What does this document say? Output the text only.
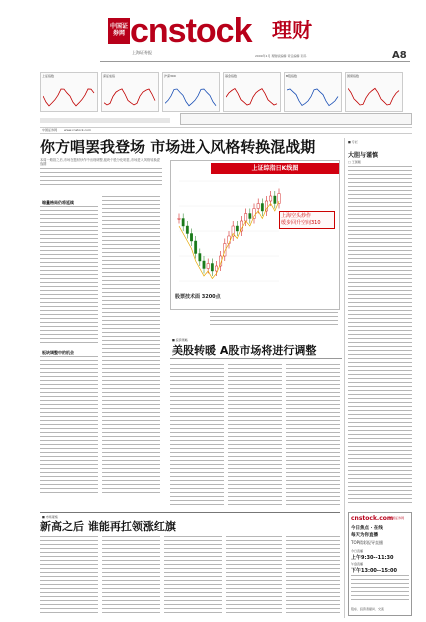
中国证券网 cnstock 理财
上海证券报
2009年1月 理财版编辑 责任编辑 页码	A8
上证指数	深证成指	沪深300	基金指数	B股指数	国债指数
中国证券网 www.cnstock.com
你方唱罢我登场 市场进入风格转换混战期
本周一路指之后,市场在题材炒作中出现调整,板块个股分化明显,市场进入风格转换混战期
缩量格局仍将延续
板块调整中的机会
上证综指日K线图
上海空头炒作
缓步回升空间310
股票技术面 3200点
■ 投资策略
美股转暖 A股市场将进行调整
■ 市场观察
新高之后 谁能再扛领涨红旗
■ 专栏
大胆与谨慎
□ 王国刚
cnstock.com
中国证券网
今日焦点 · 在线
每天为你直播
TOP精彩报导直播
今日直播
上午9:30--11:30
午盘直播
下午13:00--15:00
股东、投资者提问、交流
